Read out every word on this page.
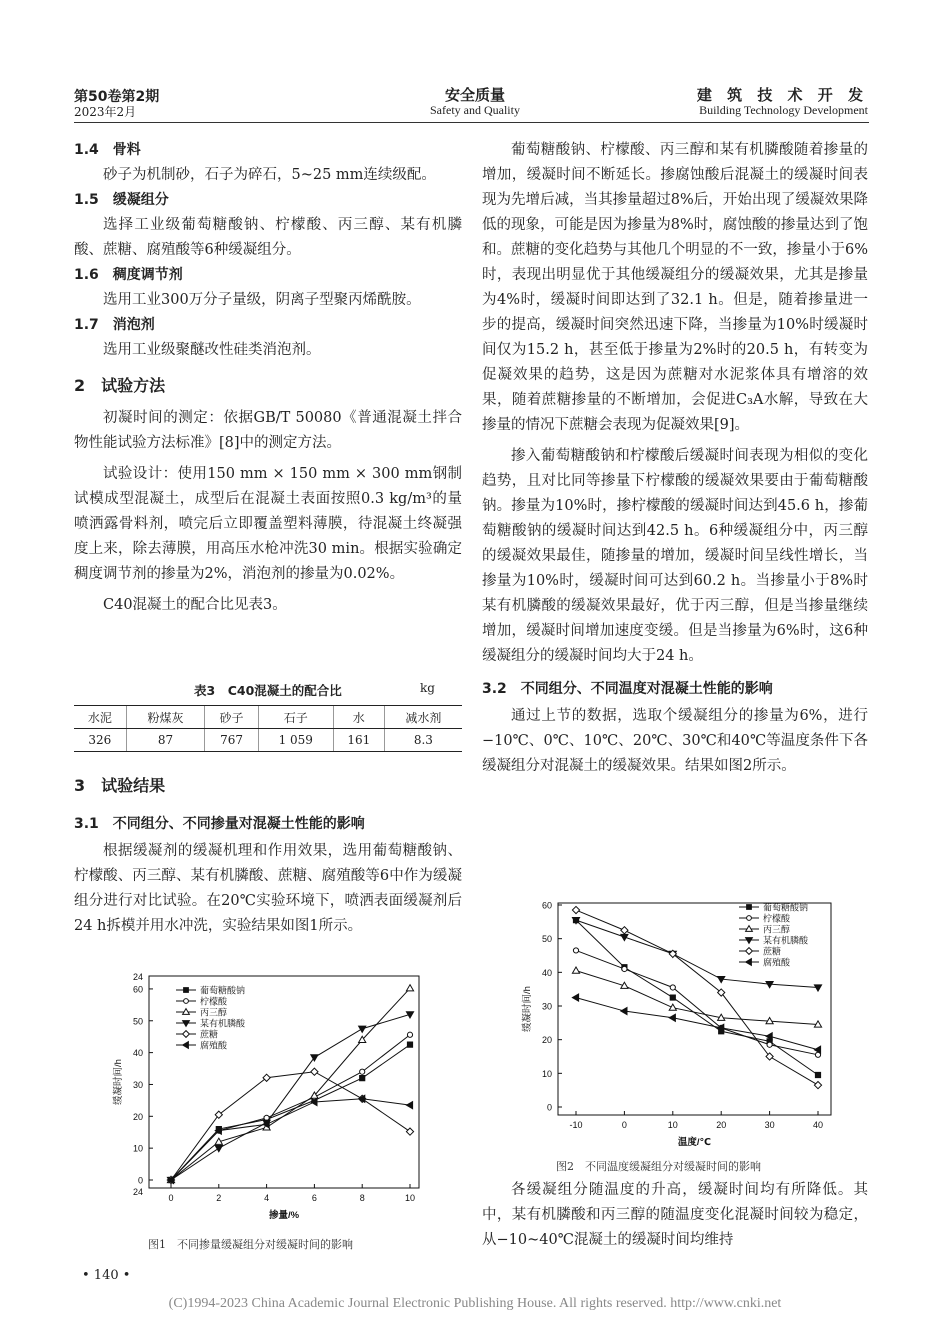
第50卷第2期
2023年2月
安全质量
Safety and Quality
建 筑 技 术 开 发
Building Technology Development
1.4　骨料

砂子为机制砂，石子为碎石，5~25 mm连续级配。

1.5　缓凝组分

选择工业级葡萄糖酸钠、柠檬酸、丙三醇、某有机膦酸、蔗糖、腐殖酸等6种缓凝组分。

1.6　稠度调节剂

选用工业300万分子量级，阴离子型聚丙烯酰胺。

1.7　消泡剂

选用工业级聚醚改性硅类消泡剂。

2　试验方法

初凝时间的测定：依据GB/T 50080《普通混凝土拌合物性能试验方法标准》[8]中的测定方法。

试验设计：使用150 mm × 150 mm × 300 mm钢制试模成型混凝土，成型后在混凝土表面按照0.3 kg/m³的量喷洒露骨料剂，喷完后立即覆盖塑料薄膜，待混凝土终凝强度上来，除去薄膜，用高压水枪冲洗30 min。根据实验确定稠度调节剂的掺量为2%，消泡剂的掺量为0.02%。

C40混凝土的配合比见表3。

表3　C40混凝土的配合比	kg
水泥	粉煤灰	砂子	石子	水	减水剂
326	87	767	1 059	161	8.3
3　试验结果
3.1　不同组分、不同掺量对混凝土性能的影响

根据缓凝剂的缓凝机理和作用效果，选用葡萄糖酸钠、柠檬酸、丙三醇、某有机膦酸、蔗糖、腐殖酸等6中作为缓凝组分进行对比试验。在20℃实验环境下，喷洒表面缓凝剂后24 h拆模并用水冲洗，实验结果如图1所示。

0
10
20
30
40
50
60
0	2	4	6	8	10
掺量/%
缓凝时间/h
葡萄糖酸钠
柠檬酸
丙三醇
某有机膦酸
蔗糖
腐殖酸
24
24
图1　不同掺量缓凝组分对缓凝时间的影响

葡萄糖酸钠、柠檬酸、丙三醇和某有机膦酸随着掺量的增加，缓凝时间不断延长。掺腐蚀酸后混凝土的缓凝时间表现为先增后减，当其掺量超过8%后，开始出现了缓凝效果降低的现象，可能是因为掺量为8%时，腐蚀酸的掺量达到了饱和。蔗糖的变化趋势与其他几个明显的不一致，掺量小于6%时，表现出明显优于其他缓凝组分的缓凝效果，尤其是掺量为4%时，缓凝时间即达到了32.1 h。但是，随着掺量进一步的提高，缓凝时间突然迅速下降，当掺量为10%时缓凝时间仅为15.2 h，甚至低于掺量为2%时的20.5 h，有转变为促凝效果的趋势，这是因为蔗糖对水泥浆体具有增溶的效果，随着蔗糖掺量的不断增加，会促进C₃A水解，导致在大掺量的情况下蔗糖会表现为促凝效果[9]。

掺入葡萄糖酸钠和柠檬酸后缓凝时间表现为相似的变化趋势，且对比同等掺量下柠檬酸的缓凝效果要由于葡萄糖酸钠。掺量为10%时，掺柠檬酸的缓凝时间达到45.6 h，掺葡萄糖酸钠的缓凝时间达到42.5 h。6种缓凝组分中，丙三醇的缓凝效果最佳，随掺量的增加，缓凝时间呈线性增长，当掺量为10%时，缓凝时间可达到60.2 h。当掺量小于8%时某有机膦酸的缓凝效果最好，优于丙三醇，但是当掺量继续增加，缓凝时间增加速度变缓。但是当掺量为6%时，这6种缓凝组分的缓凝时间均大于24 h。

3.2　不同组分、不同温度对混凝土性能的影响

通过上节的数据，选取个缓凝组分的掺量为6%，进行−10℃、0℃、10℃、20℃、30℃和40℃等温度条件下各缓凝组分对混凝土的缓凝效果。结果如图2所示。

0
10
20
30
40
50
60
-10	0	10	20	30	40
温度/℃
缓凝时间/h
葡萄糖酸钠
柠檬酸
丙三醇
某有机膦酸
蔗糖
腐殖酸
图2　不同温度缓凝组分对缓凝时间的影响

各缓凝组分随温度的升高，缓凝时间均有所降低。其中，某有机膦酸和丙三醇的随温度变化混凝时间较为稳定，从−10~40℃混凝土的缓凝时间均维持

• 140 •
(C)1994-2023 China Academic Journal Electronic Publishing House. All rights reserved. http://www.cnki.net
